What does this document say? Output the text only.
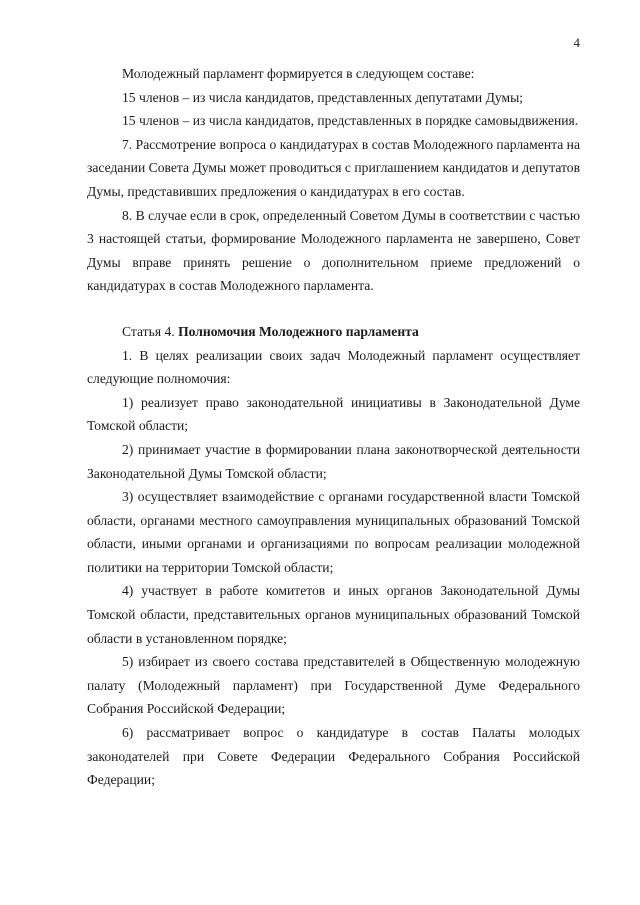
4

Молодежный парламент формируется в следующем составе:

15 членов – из числа кандидатов, представленных депутатами Думы;

15 членов – из числа кандидатов, представленных в порядке самовыдвижения.

7. Рассмотрение вопроса о кандидатурах в состав Молодежного парламента на заседании Совета Думы может проводиться с приглашением кандидатов и депутатов Думы, представивших предложения о кандидатурах в его состав.

8. В случае если в срок, определенный Советом Думы в соответствии с частью 3 настоящей статьи, формирование Молодежного парламента не завершено, Совет Думы вправе принять решение о дополнительном приеме предложений о кандидатурах в состав Молодежного парламента.

Статья 4. Полномочия Молодежного парламента

1. В целях реализации своих задач Молодежный парламент осуществляет следующие полномочия:

1) реализует право законодательной инициативы в Законодательной Думе Томской области;

2) принимает участие в формировании плана законотворческой деятельности Законодательной Думы Томской области;

3) осуществляет взаимодействие с органами государственной власти Томской области, органами местного самоуправления муниципальных образований Томской области, иными органами и организациями по вопросам реализации молодежной политики на территории Томской области;

4) участвует в работе комитетов и иных органов Законодательной Думы Томской области, представительных органов муниципальных образований Томской области в установленном порядке;

5) избирает из своего состава представителей в Общественную молодежную палату (Молодежный парламент) при Государственной Думе Федерального Собрания Российской Федерации;

6) рассматривает вопрос о кандидатуре в состав Палаты молодых законодателей при Совете Федерации Федерального Собрания Российской Федерации;
